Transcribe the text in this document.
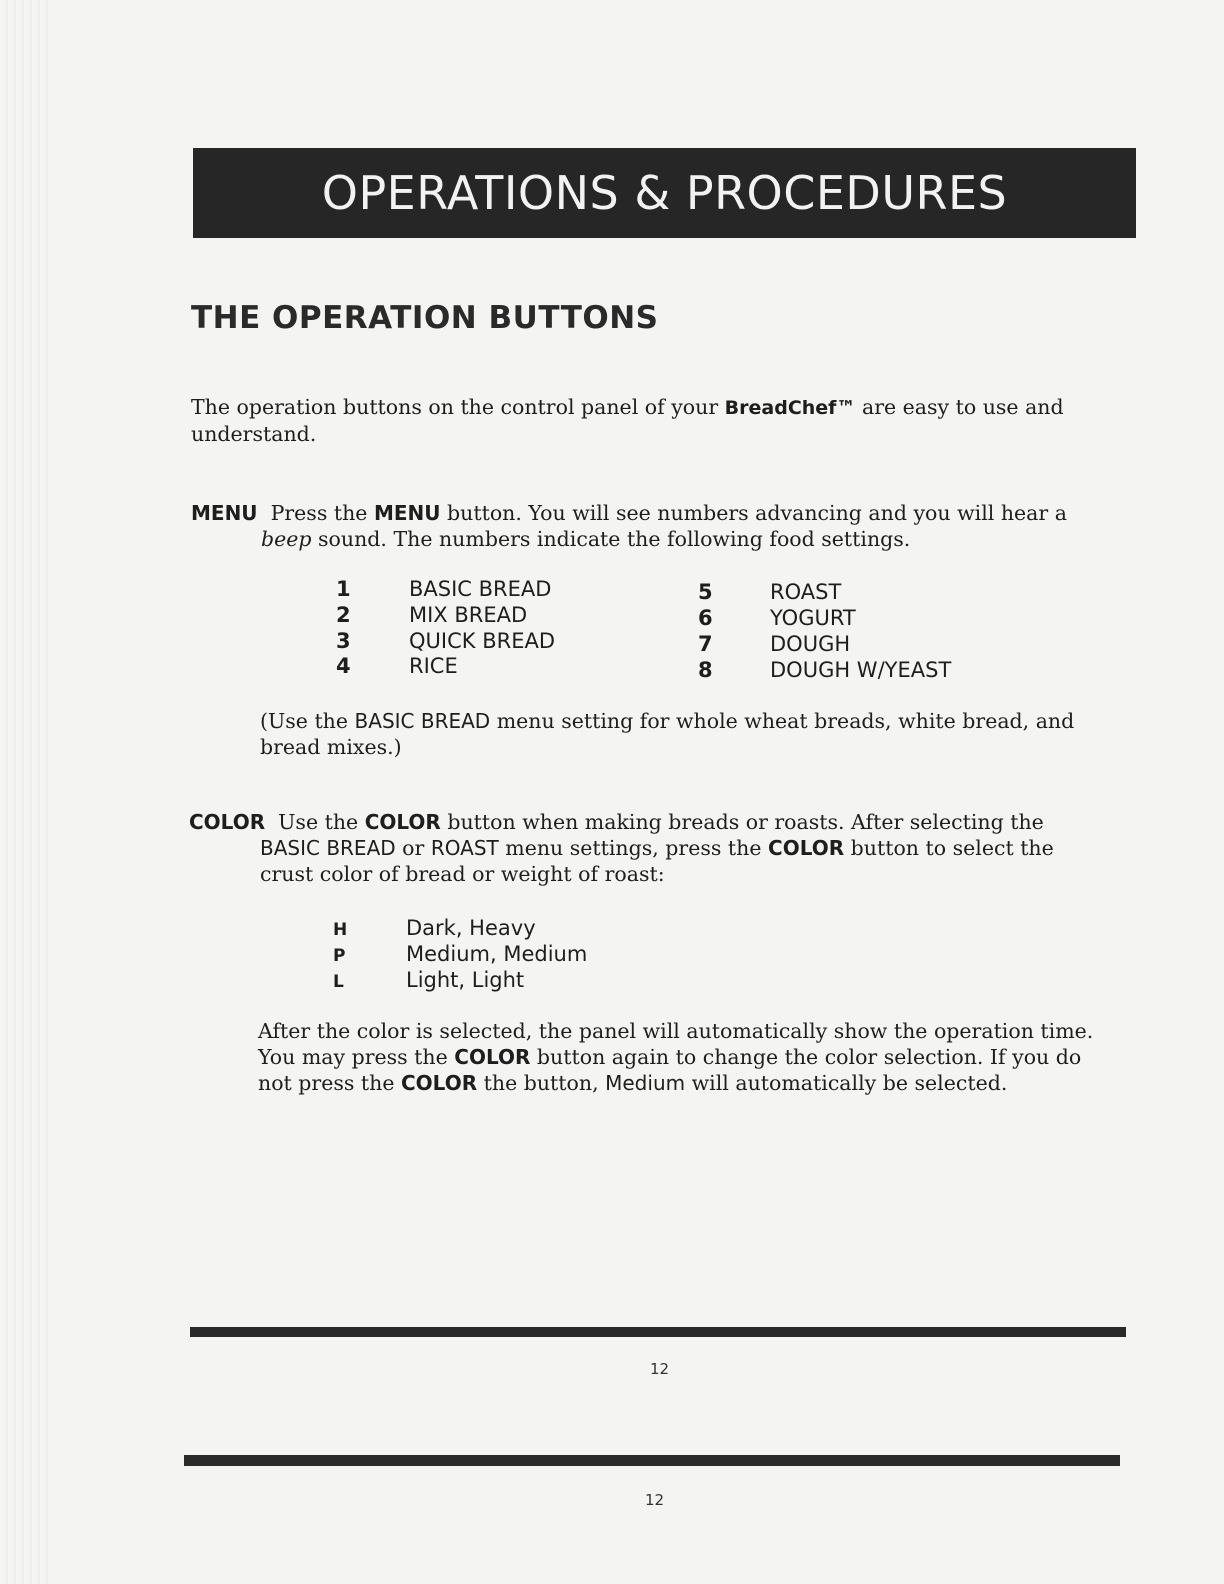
OPERATIONS & PROCEDURES
THE OPERATION BUTTONS
The operation buttons on the control panel of your BreadChef™ are easy to use and understand.
MENU  Press the MENU button. You will see numbers advancing and you will hear a beep sound. The numbers indicate the following food settings.
1	BASIC BREAD
2	MIX BREAD
3	QUICK BREAD
4	RICE
5	ROAST
6	YOGURT
7	DOUGH
8	DOUGH W/YEAST
(Use the BASIC BREAD menu setting for whole wheat breads, white bread, and bread mixes.)
COLOR  Use the COLOR button when making breads or roasts. After selecting the BASIC BREAD or ROAST menu settings, press the COLOR button to select the crust color of bread or weight of roast:
H	Dark, Heavy
P	Medium, Medium
L	Light, Light
After the color is selected, the panel will automatically show the operation time. You may press the COLOR button again to change the color selection. If you do not press the COLOR the button, Medium will automatically be selected.
12
12
